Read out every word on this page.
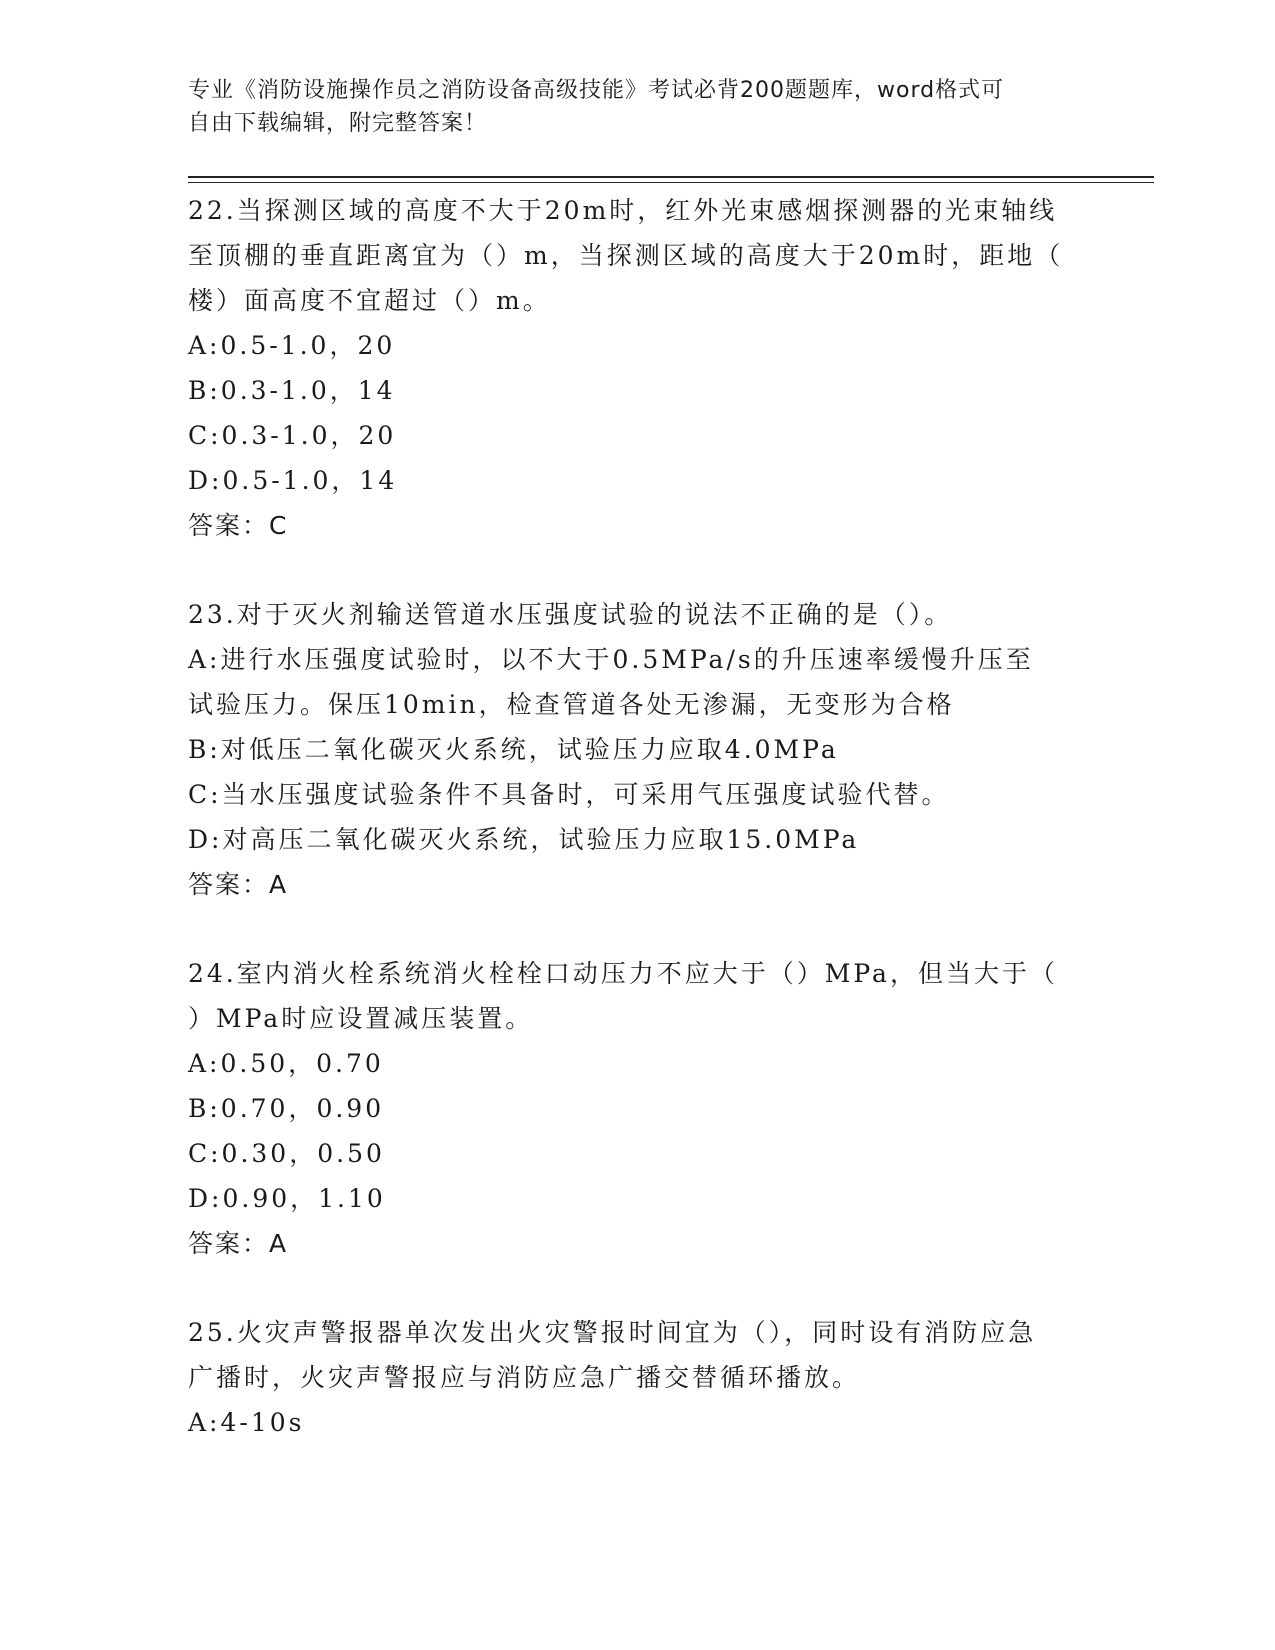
专业《消防设施操作员之消防设备高级技能》考试必背200题题库，word格式可
自由下载编辑，附完整答案！
22.当探测区域的高度不大于20m时，红外光束感烟探测器的光束轴线
至顶棚的垂直距离宜为（）m，当探测区域的高度大于20m时，距地（
楼）面高度不宜超过（）m。
A:0.5-1.0，20
B:0.3-1.0，14
C:0.3-1.0，20
D:0.5-1.0，14
答案：C
23.对于灭火剂输送管道水压强度试验的说法不正确的是（）。
A:进行水压强度试验时，以不大于0.5MPa/s的升压速率缓慢升压至
试验压力。保压10min，检查管道各处无渗漏，无变形为合格
B:对低压二氧化碳灭火系统，试验压力应取4.0MPa
C:当水压强度试验条件不具备时，可采用气压强度试验代替。
D:对高压二氧化碳灭火系统，试验压力应取15.0MPa
答案：A
24.室内消火栓系统消火栓栓口动压力不应大于（）MPa，但当大于（
）MPa时应设置减压装置。
A:0.50，0.70
B:0.70，0.90
C:0.30，0.50
D:0.90，1.10
答案：A
25.火灾声警报器单次发出火灾警报时间宜为（），同时设有消防应急
广播时，火灾声警报应与消防应急广播交替循环播放。
A:4-10s
